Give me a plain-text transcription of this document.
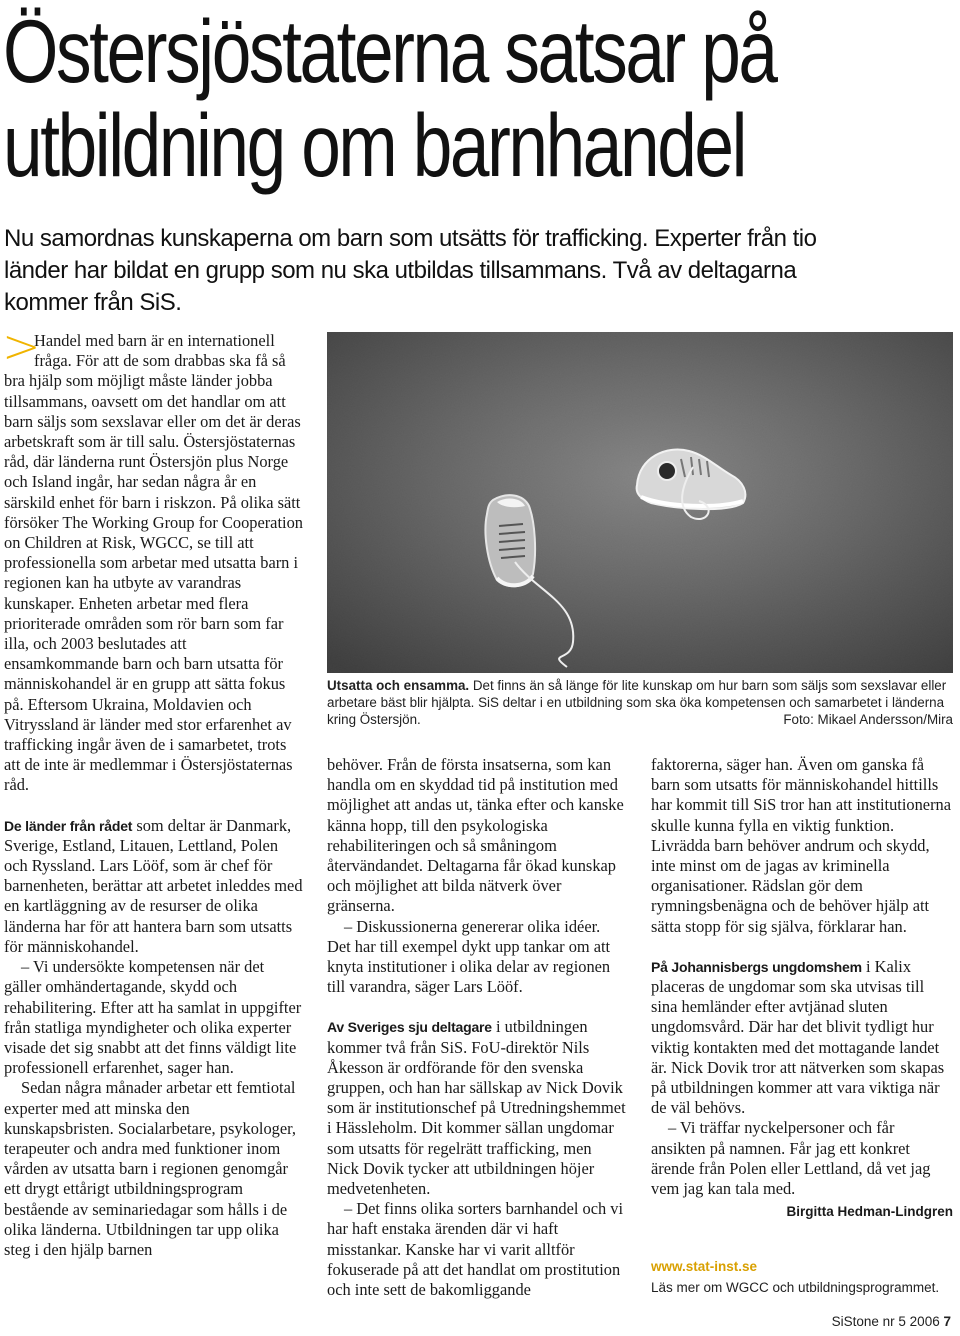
Östersjöstaterna satsar på utbildning om barnhandel

Nu samordnas kunskaperna om barn som utsätts för trafficking. Experter från tio länder har bildat en grupp som nu ska utbildas tillsammans. Två av deltagarna kommer från SiS.

>

Handel med barn är en internationell
fråga. För att de som drabbas ska få så bra hjälp som möjligt måste länder jobba tillsammans, oavsett om det handlar om att barn säljs som sexslavar eller om det är deras arbetskraft som är till salu. Östersjöstaternas råd, där länderna runt Östersjön plus Norge och Island ingår, har sedan några år en särskild enhet för barn i riskzon. På olika sätt försöker The Working Group for Cooperation on Children at Risk, WGCC, se till att professionella som arbetar med utsatta barn i regionen kan ha utbyte av varandras kunskaper. Enheten arbetar med flera prioriterade områden som rör barn som far illa, och 2003 beslutades att ensamkommande barn och barn utsatta för människohandel är en grupp att sätta fokus på. Eftersom Ukraina, Moldavien och Vitryssland är länder med stor erfarenhet av trafficking ingår även de i samarbetet, trots att de inte är medlemmar i Östersjöstaternas råd.

De länder från rådet som deltar är Danmark, Sverige, Estland, Litauen, Lettland, Polen och Ryssland. Lars Lööf, som är chef för barnenheten, berättar att arbetet inleddes med en kartläggning av de resurser de olika länderna har för att hantera barn som utsatts för människohandel.

– Vi undersökte kompetensen när det gäller omhändertagande, skydd och rehabilitering. Efter att ha samlat in uppgifter från statliga myndigheter och olika experter visade det sig snabbt att det finns väldigt lite professionell erfarenhet, sager han.

Sedan några månader arbetar ett femtiotal experter med att minska den kunskapsbristen. Socialarbetare, psykologer, terapeuter och andra med funktioner inom vården av utsatta barn i regionen genomgår ett drygt ettårigt utbildningsprogram bestående av seminariedagar som hålls i de olika länderna. Utbildningen tar upp olika steg i den hjälp barnen

Utsatta och ensamma. Det finns än så länge för lite kunskap om hur barn som säljs som sexslavar eller arbetare bäst blir hjälpta. SiS deltar i en utbildning som ska öka kompetensen och samarbetet i länderna kring Östersjön.	Foto: Mikael Andersson/Mira

behöver. Från de första insatserna, som kan handla om en skyddad tid på institution med möjlighet att andas ut, tänka efter och kanske känna hopp, till den psykologiska rehabiliteringen och så småningom återvändandet. Deltagarna får ökad kunskap och möjlighet att bilda nätverk över gränserna.

– Diskussionerna genererar olika idéer. Det har till exempel dykt upp tankar om att knyta institutioner i olika delar av regionen till varandra, säger Lars Lööf.

Av Sveriges sju deltagare i utbildningen kommer två från SiS. FoU-direktör Nils Åkesson är ordförande för den svenska gruppen, och han har sällskap av Nick Dovik som är institutionschef på Utredningshemmet i Hässleholm. Dit kommer sällan ungdomar som utsatts för regelrätt trafficking, men Nick Dovik tycker att utbildningen höjer medvetenheten.

– Det finns olika sorters barnhandel och vi har haft enstaka ärenden där vi haft misstankar. Kanske har vi varit alltför fokuserade på att det handlat om prostitution och inte sett de bakomliggande

faktorerna, säger han. Även om ganska få barn som utsatts för människohandel hittills har kommit till SiS tror han att institutionerna skulle kunna fylla en viktig funktion. Livrädda barn behöver andrum och skydd, inte minst om de jagas av kriminella organisationer. Rädslan gör dem rymningsbenägna och de behöver hjälp att sätta stopp för sig själva, förklarar han.

På Johannisbergs ungdomshem i Kalix placeras de ungdomar som ska utvisas till sina hemländer efter avtjänad sluten ungdomsvård. Där har det blivit tydligt hur viktig kontakten med det mottagande landet är. Nick Dovik tror att nätverken som skapas på utbildningen kommer att vara viktiga när de väl behövs.

– Vi träffar nyckelpersoner och får ansikten på namnen. Får jag ett konkret ärende från Polen eller Lettland, då vet jag vem jag kan tala med.

Birgitta Hedman-Lindgren

www.stat-inst.se
Läs mer om WGCC och utbildningsprogrammet.
SiStone nr 5 2006 7
